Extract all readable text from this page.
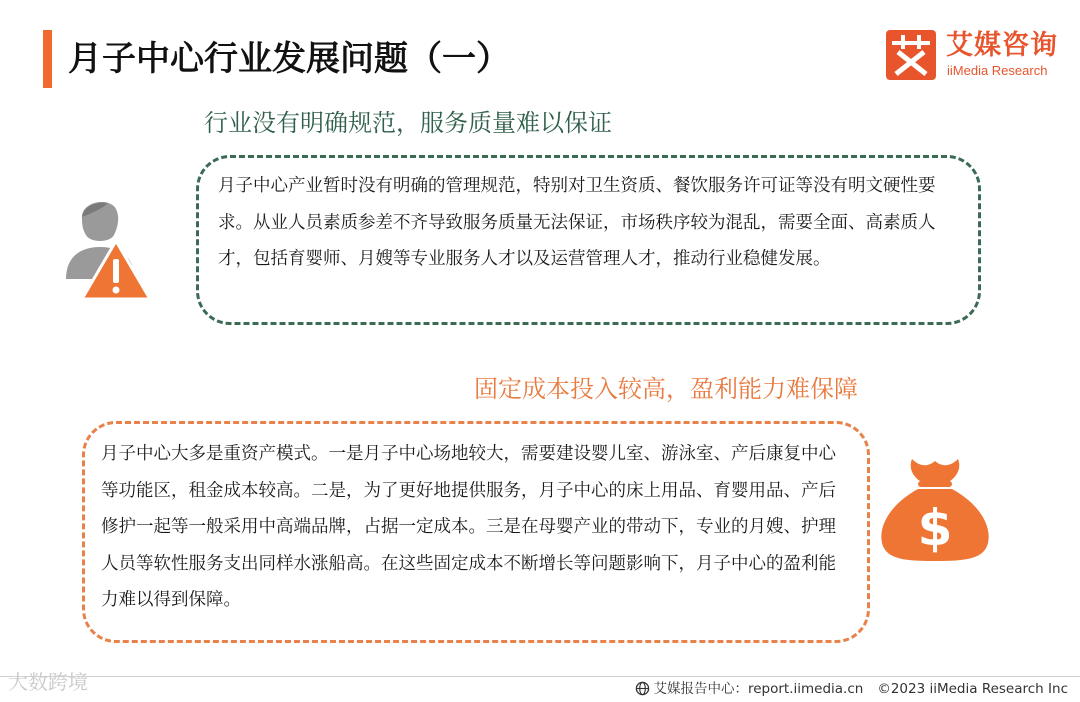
月子中心行业发展问题（一）	艾媒咨询
iiMedia Research
行业没有明确规范，服务质量难以保证
月子中心产业暂时没有明确的管理规范，特别对卫生资质、餐饮服务许可证等没有明文硬性要求。从业人员素质参差不齐导致服务质量无法保证，市场秩序较为混乱，需要全面、高素质人才，包括育婴师、月嫂等专业服务人才以及运营管理人才，推动行业稳健发展。
固定成本投入较高，盈利能力难保障
月子中心大多是重资产模式。一是月子中心场地较大，需要建设婴儿室、游泳室、产后康复中心等功能区，租金成本较高。二是，为了更好地提供服务，月子中心的床上用品、育婴用品、产后修护一起等一般采用中高端品牌，占据一定成本。三是在母婴产业的带动下，专业的月嫂、护理人员等软性服务支出同样水涨船高。在这些固定成本不断增长等问题影响下，月子中心的盈利能力难以得到保障。
$
大数跨境	艾媒报告中心：report.iimedia.cn ©2023 iiMedia Research Inc
